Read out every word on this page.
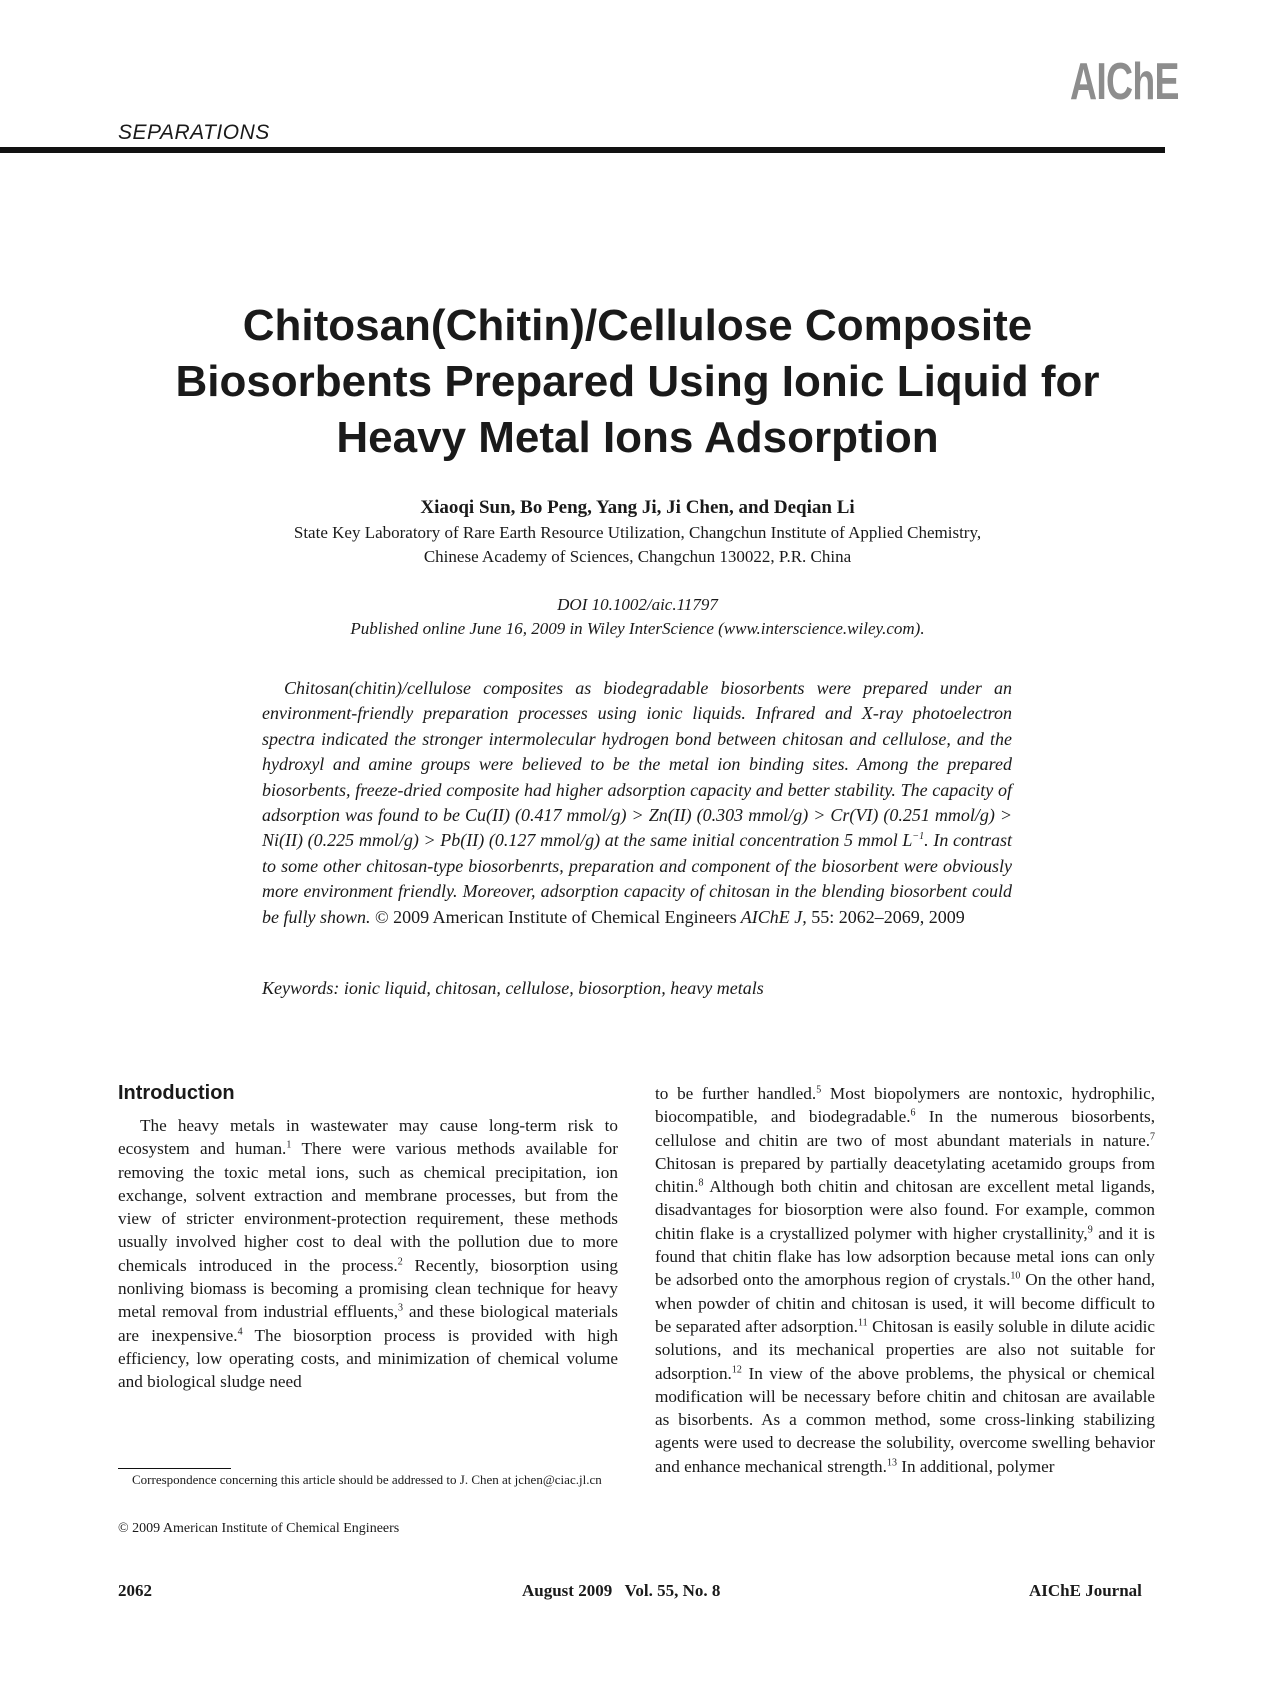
SEPARATIONS
AIChE
Chitosan(Chitin)/Cellulose Composite
Biosorbents Prepared Using Ionic Liquid for
Heavy Metal Ions Adsorption
Xiaoqi Sun, Bo Peng, Yang Ji, Ji Chen, and Deqian Li
State Key Laboratory of Rare Earth Resource Utilization, Changchun Institute of Applied Chemistry,
Chinese Academy of Sciences, Changchun 130022, P.R. China
DOI 10.1002/aic.11797
Published online June 16, 2009 in Wiley InterScience (www.interscience.wiley.com).
Chitosan(chitin)/cellulose composites as biodegradable biosorbents were prepared under an environment-friendly preparation processes using ionic liquids. Infrared and X-ray photoelectron spectra indicated the stronger intermolecular hydrogen bond between chitosan and cellulose, and the hydroxyl and amine groups were believed to be the metal ion binding sites. Among the prepared biosorbents, freeze-dried composite had higher adsorption capacity and better stability. The capacity of adsorption was found to be Cu(II) (0.417 mmol/g) > Zn(II) (0.303 mmol/g) > Cr(VI) (0.251 mmol/g) > Ni(II) (0.225 mmol/g) > Pb(II) (0.127 mmol/g) at the same initial concentration 5 mmol $L^{-1}$. In contrast to some other chitosan-type biosorbenrts, preparation and component of the biosorbent were obviously more environment friendly. Moreover, adsorption capacity of chitosan in the blending biosorbent could be fully shown. © 2009 American Institute of Chemical Engineers AIChE J, 55: 2062–2069, 2009
Keywords: ionic liquid, chitosan, cellulose, biosorption, heavy metals
Introduction

The heavy metals in wastewater may cause long-term risk to ecosystem and human.$^1$ There were various methods available for removing the toxic metal ions, such as chemical precipitation, ion exchange, solvent extraction and membrane processes, but from the view of stricter environment-protection requirement, these methods usually involved higher cost to deal with the pollution due to more chemicals introduced in the process.$^2$ Recently, biosorption using nonliving biomass is becoming a promising clean technique for heavy metal removal from industrial effluents,$^3$ and these biological materials are inexpensive.$^4$ The biosorption process is provided with high efficiency, low operating costs, and minimization of chemical volume and biological sludge need

to be further handled.$^5$ Most biopolymers are nontoxic, hydrophilic, biocompatible, and biodegradable.$^6$ In the numerous biosorbents, cellulose and chitin are two of most abundant materials in nature.$^7$ Chitosan is prepared by partially deacetylating acetamido groups from chitin.$^8$ Although both chitin and chitosan are excellent metal ligands, disadvantages for biosorption were also found. For example, common chitin flake is a crystallized polymer with higher crystallinity,$^9$ and it is found that chitin flake has low adsorption because metal ions can only be adsorbed onto the amorphous region of crystals.$^{10}$ On the other hand, when powder of chitin and chitosan is used, it will become difficult to be separated after adsorption.$^{11}$ Chitosan is easily soluble in dilute acidic solutions, and its mechanical properties are also not suitable for adsorption.$^{12}$ In view of the above problems, the physical or chemical modification will be necessary before chitin and chitosan are available as bisorbents. As a common method, some cross-linking stabilizing agents were used to decrease the solubility, overcome swelling behavior and enhance mechanical strength.$^{13}$ In additional, polymer

Correspondence concerning this article should be addressed to J. Chen at jchen@ciac.jl.cn
© 2009 American Institute of Chemical Engineers
2062	August 2009   Vol. 55, No. 8	AIChE Journal
